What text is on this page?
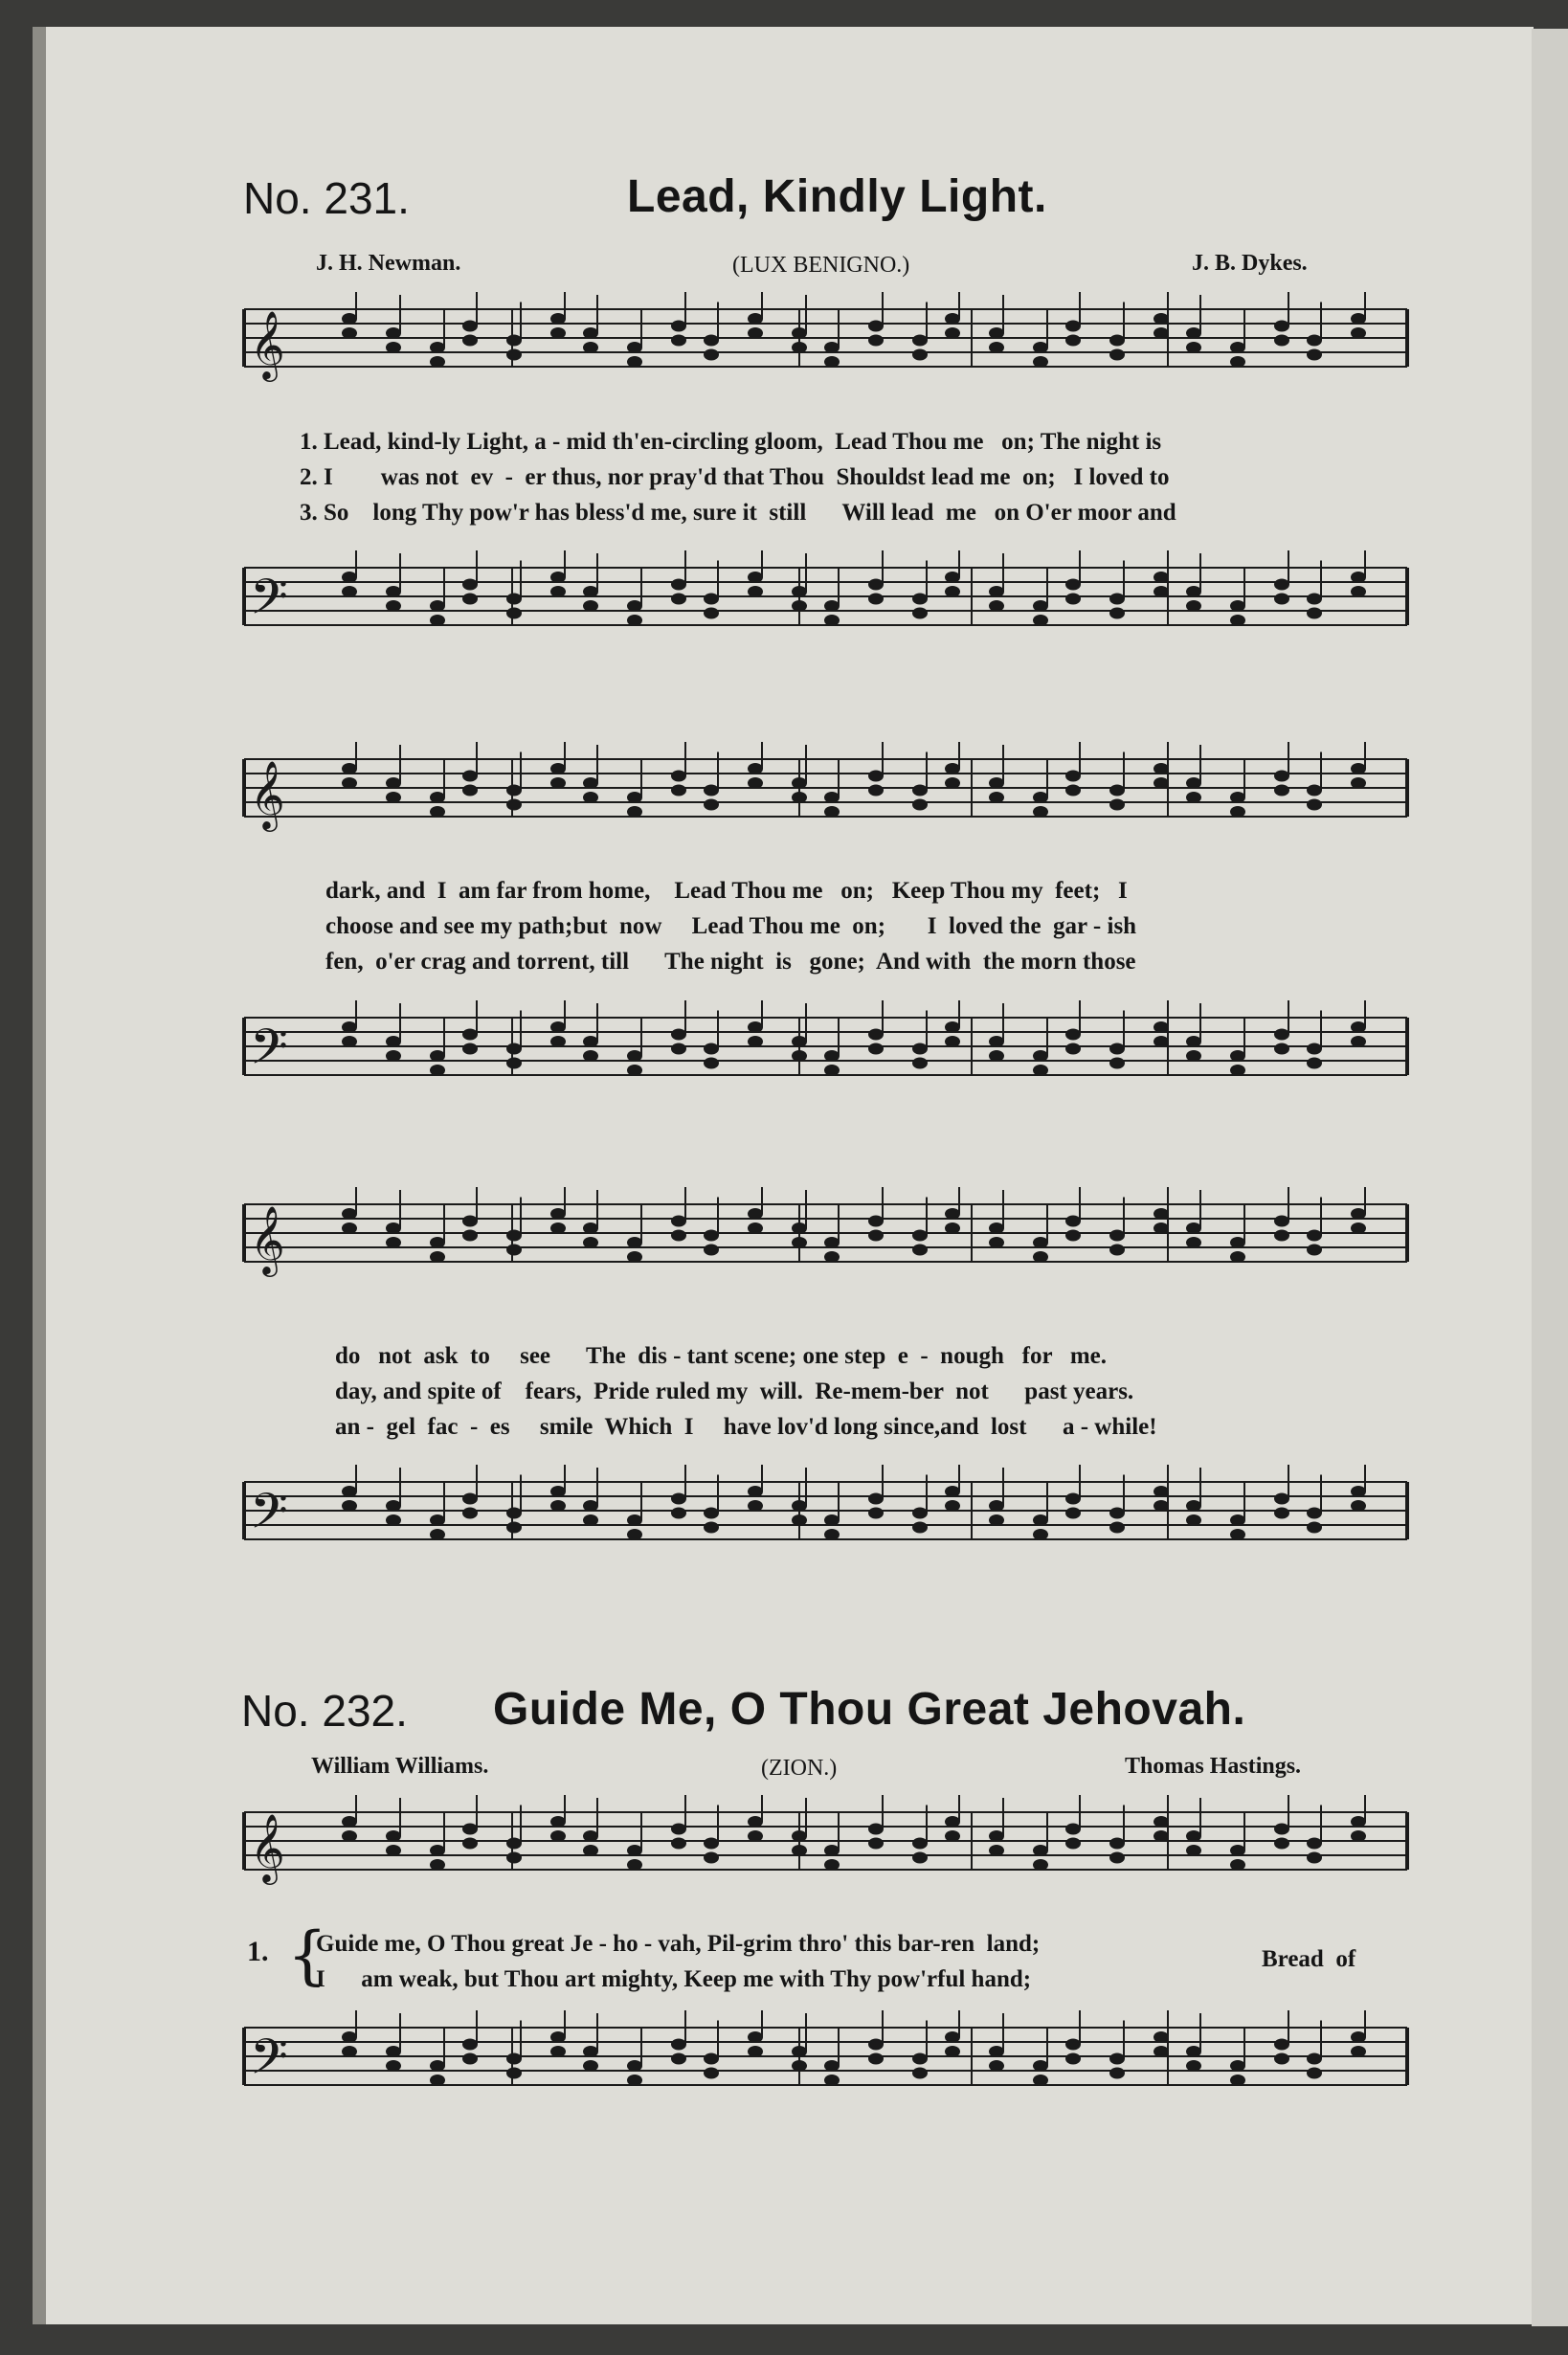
No. 231.	Lead, Kindly Light.
J. H. Newman.	(LUX BENIGNO.)	J. B. Dykes.
𝄞
1. Lead, kind-ly Light, a - mid th'en-circling gloom,  Lead Thou me   on; The night is
2. I        was not  ev  -  er thus, nor pray'd that Thou  Shouldst lead me  on;   I loved to
3. So    long Thy pow'r has bless'd me, sure it  still      Will lead  me   on O'er moor and
𝄢
𝄞
dark, and  I  am far from home,    Lead Thou me   on;   Keep Thou my  feet;   I
choose and see my path;but  now     Lead Thou me  on;       I  loved the  gar - ish
fen,  o'er crag and torrent, till      The night  is   gone;  And with  the morn those
𝄢
𝄞
do   not  ask  to     see      The  dis - tant scene; one step  e  -  nough   for   me.
day, and spite of    fears,  Pride ruled my  will.  Re-mem-ber  not      past years.
an -  gel  fac  -  es     smile  Which  I     have lov'd long since,and  lost      a - while!
𝄢
No. 232. Guide Me, O Thou Great Jehovah.
William Williams.	(ZION.)	Thomas Hastings.
𝄞
1. {
Guide me, O Thou great Je - ho - vah, Pil-grim thro' this bar-ren  land;
I      am weak, but Thou art mighty, Keep me with Thy pow'rful hand;
Bread  of
𝄢
